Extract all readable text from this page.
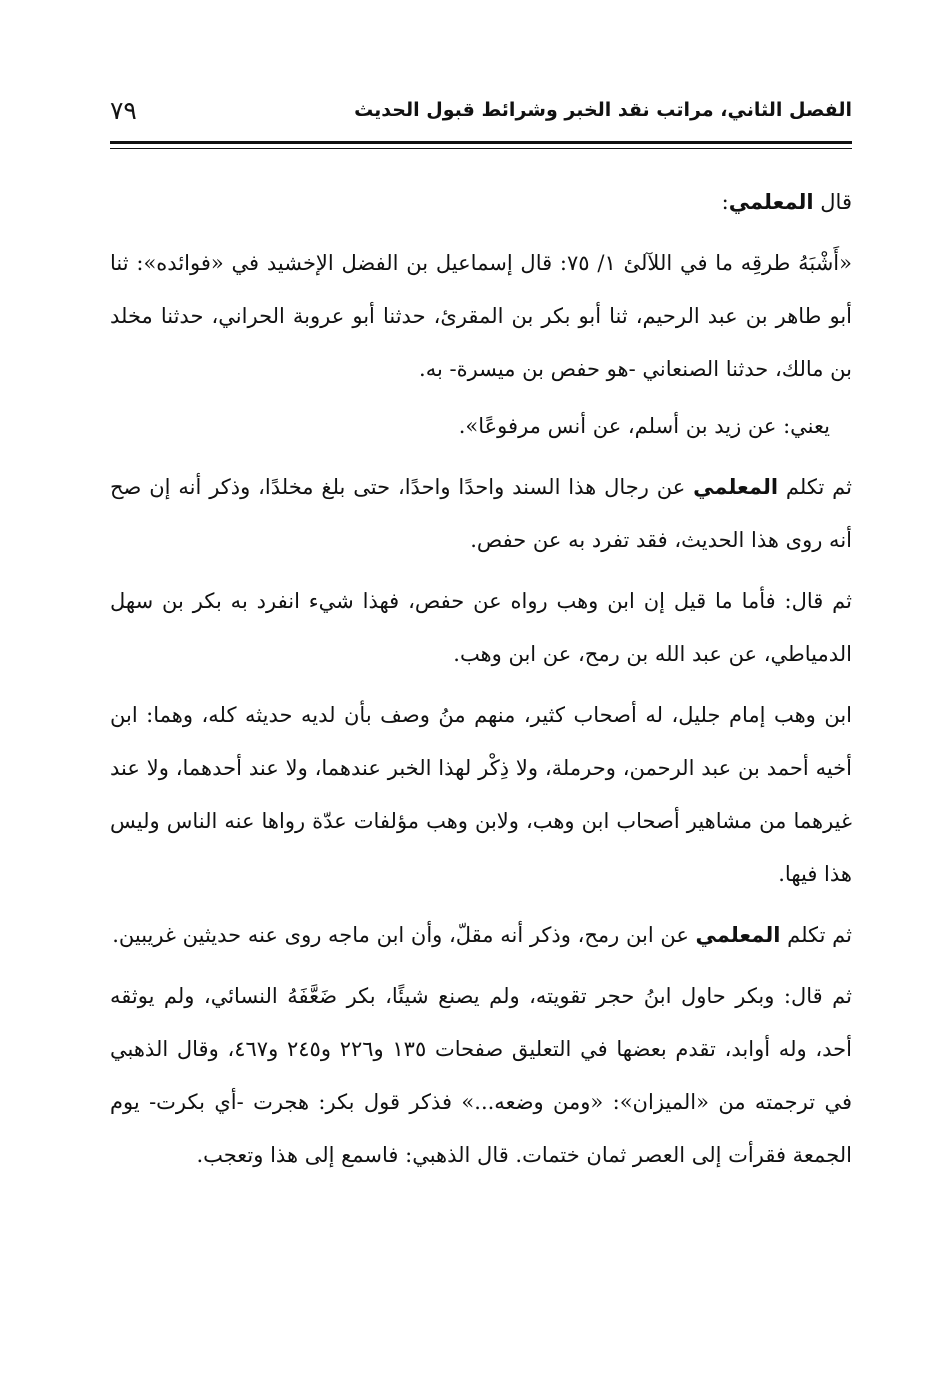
الفصل الثاني، مراتب نقد الخبر وشرائط قبول الحديث
٧٩

قال المعلمي:

«أَشْبَهُ طرقِه ما في اللآلئ ١/ ٧٥: قال إسماعيل بن الفضل الإخشيد في «فوائده»: ثنا أبو طاهر بن عبد الرحيم، ثنا أبو بكر بن المقرئ، حدثنا أبو عروبة الحراني، حدثنا مخلد بن مالك، حدثنا الصنعاني -هو حفص بن ميسرة- به.

يعني: عن زيد بن أسلم، عن أنس مرفوعًا».

ثم تكلم المعلمي عن رجال هذا السند واحدًا واحدًا، حتى بلغ مخلدًا، وذكر أنه إن صح أنه روى هذا الحديث، فقد تفرد به عن حفص.

ثم قال: فأما ما قيل إن ابن وهب رواه عن حفص، فهذا شيء انفرد به بكر بن سهل الدمياطي، عن عبد الله بن رمح، عن ابن وهب.

ابن وهب إمام جليل، له أصحاب كثير، منهم منُ وصف بأن لديه حديثه كله، وهما: ابن أخيه أحمد بن عبد الرحمن، وحرملة، ولا ذِكْر لهذا الخبر عندهما، ولا عند أحدهما، ولا عند غيرهما من مشاهير أصحاب ابن وهب، ولابن وهب مؤلفات عدّة رواها عنه الناس وليس هذا فيها.

ثم تكلم المعلمي عن ابن رمح، وذكر أنه مقلّ، وأن ابن ماجه روى عنه حديثين غريبين.

ثم قال: وبكر حاول ابنُ حجر تقويته، ولم يصنع شيئًا، بكر ضَعَّفَهُ النسائي، ولم يوثقه أحد، وله أوابد، تقدم بعضها في التعليق صفحات ١٣٥ و٢٢٦ و٢٤٥ و٤٦٧، وقال الذهبي في ترجمته من «الميزان»: «ومن وضعه...» فذكر قول بكر: هجرت -أي بكرت- يوم الجمعة فقرأت إلى العصر ثمان ختمات. قال الذهبي: فاسمع إلى هذا وتعجب.
